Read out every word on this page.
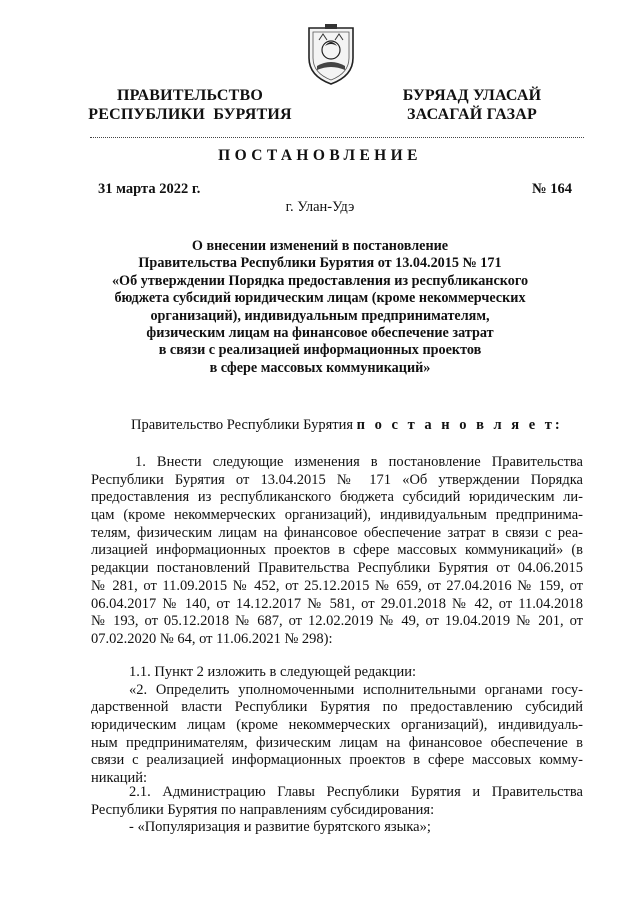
ПРАВИТЕЛЬСТВО
РЕСПУБЛИКИ  БУРЯТИЯ
БУРЯАД УЛАСАЙ
ЗАСАГАЙ ГАЗАР
ПОСТАНОВЛЕНИЕ
31 марта 2022 г.	№ 164
г. Улан-Удэ
О внесении изменений в постановление
Правительства Республики Бурятия от 13.04.2015 № 171
«Об утверждении Порядка предоставления из республиканского
бюджета субсидий юридическим лицам (кроме некоммерческих
организаций), индивидуальным предпринимателям,
физическим лицам на финансовое обеспечение затрат
в связи с реализацией информационных проектов
в сфере массовых коммуникаций»
Правительство Республики Бурятия п о с т а н о в л я е т:
1. Внести следующие изменения в постановление Правительства
Республики Бурятия от 13.04.2015 № 171 «Об утверждении Порядка
предоставления из республиканского бюджета субсидий юридическим ли-
цам (кроме некоммерческих организаций), индивидуальным предпринима-
телям, физическим лицам на финансовое обеспечение затрат в связи с реа-
лизацией информационных проектов в сфере массовых коммуникаций» (в
редакции постановлений Правительства Республики Бурятия от 04.06.2015
№ 281, от 11.09.2015 № 452, от 25.12.2015 № 659, от 27.04.2016 № 159, от
06.04.2017 № 140, от 14.12.2017 № 581, от 29.01.2018 № 42, от 11.04.2018
№ 193, от 05.12.2018 № 687, от 12.02.2019 № 49, от 19.04.2019 № 201, от
07.02.2020 № 64, от 11.06.2021 № 298):
1.1. Пункт 2 изложить в следующей редакции:
«2. Определить уполномоченными исполнительными органами госу-
дарственной власти Республики Бурятия по предоставлению субсидий
юридическим лицам (кроме некоммерческих организаций), индивидуаль-
ным предпринимателям, физическим лицам на финансовое обеспечение в
связи с реализацией информационных проектов в сфере массовых комму-
никаций:
2.1. Администрацию Главы Республики Бурятия и Правительства
Республики Бурятия по направлениям субсидирования:
- «Популяризация и развитие бурятского языка»;
